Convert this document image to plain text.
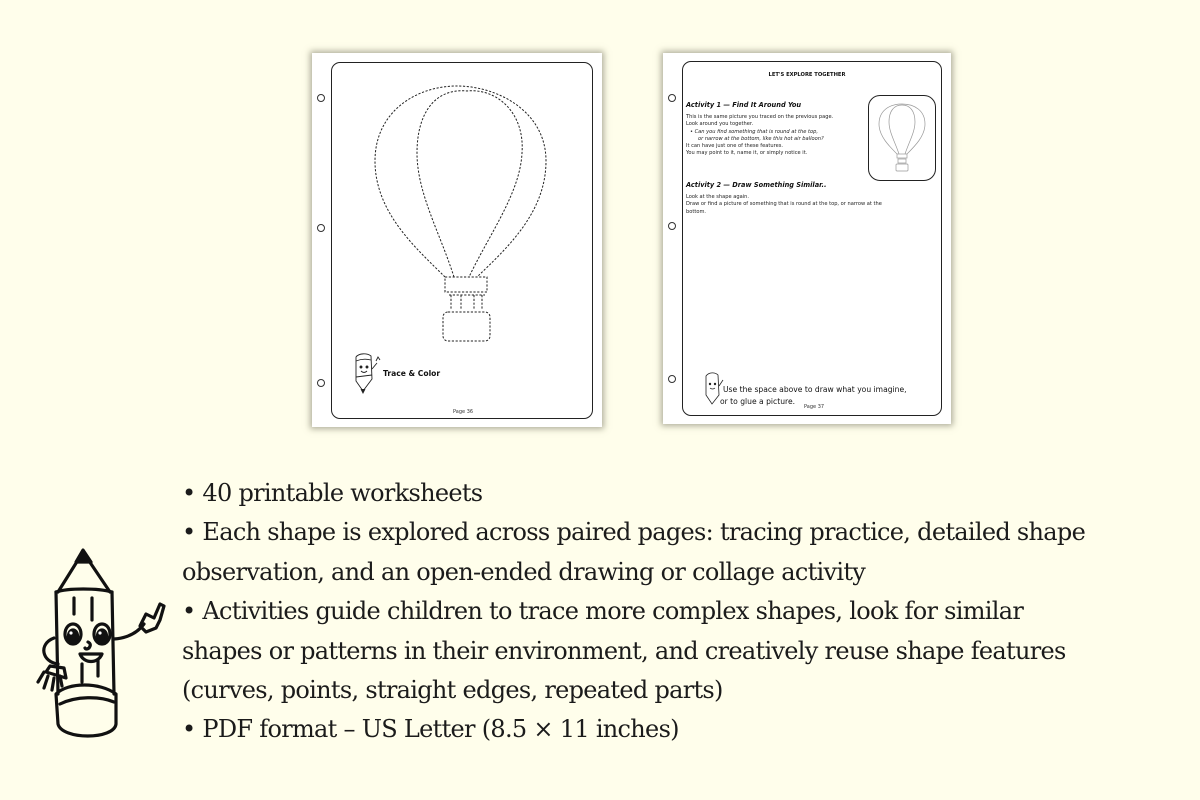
Trace & Color
Page 36
LET'S EXPLORE TOGETHER
Activity 1 — Find It Around You
This is the same picture you traced on the previous page.
Look around you together.
• Can you find something that is round at the top,
or narrow at the bottom, like this hot air balloon?
It can have just one of these features.
You may point to it, name it, or simply notice it.
Activity 2 — Draw Something Similar..
Look at the shape again.
Draw or find a picture of something that is round at the top, or narrow at the
bottom.
Use the space above to draw what you imagine,
or to glue a picture.
Page 37
• 40 printable worksheets
• Each shape is explored across paired pages: tracing practice, detailed shape
observation, and an open-ended drawing or collage activity
• Activities guide children to trace more complex shapes, look for similar
shapes or patterns in their environment, and creatively reuse shape features
(curves, points, straight edges, repeated parts)
• PDF format – US Letter (8.5 × 11 inches)
